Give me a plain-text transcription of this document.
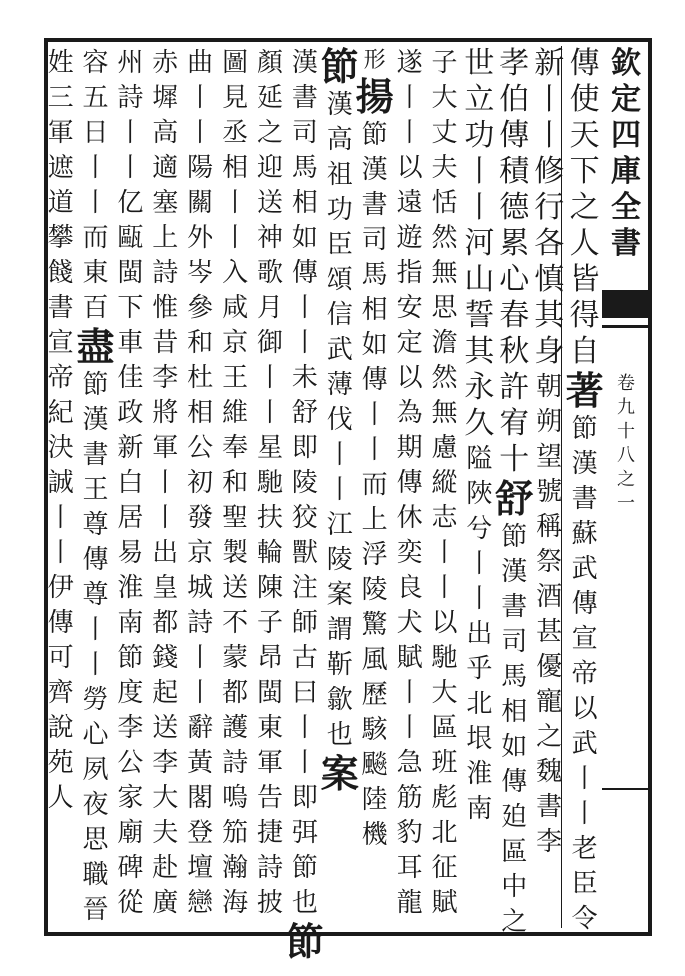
欽
定
四
庫
全
書
卷
九
十
八
之
一
傳
使
天
下
之
人
皆
得
自
著
節
漢
書
蘇
武
傳
宣
帝
以
武
丨
丨
老
臣
令
新
丨
丨
修
行
各
慎
其
身
朝
朔
望
號
稱
祭
酒
甚
優
寵
之
魏
書
李
孝
伯
傳
積
德
累
心
春
秋
許
宥
十
舒
節
漢
書
司
馬
相
如
傳
廹
區
中
之
世
立
功
丨
丨
河
山
誓
其
永
久
隘
陜
兮
丨
丨
出
乎
北
垠
淮
南
子
大
丈
夫
恬
然
無
思
澹
然
無
慮
縱
志
丨
丨
以
馳
大
區
班
彪
北
征
賦
遂
丨
丨
以
遠
遊
指
安
定
以
為
期
傳
休
奕
良
犬
賦
丨
丨
急
筋
豹
耳
龍
形
揚
節
漢
書
司
馬
相
如
傳
丨
丨
而
上
浮
陵
驚
風
歷
駭
飈
陸
機
節
漢
高
祖
功
臣
頌
信
武
薄
伐
丨
丨
江
陵
案
謂
靳
歙
也
案
漢
書
司
馬
相
如
傳
丨
丨
未
舒
即
陵
狡
獸
注
師
古
曰
丨
丨
即
弭
節
也
節
顏
延
之
迎
送
神
歌
月
御
丨
丨
星
馳
扶
輪
陳
子
昂
閩
東
軍
告
捷
詩
披
圖
見
丞
相
丨
丨
入
咸
京
王
維
奉
和
聖
製
送
不
蒙
都
護
詩
嗚
笳
瀚
海
曲
丨
丨
陽
關
外
岑
參
和
杜
相
公
初
發
京
城
詩
丨
丨
辭
黃
閣
登
壇
戀
赤
墀
高
適
塞
上
詩
惟
昔
李
將
軍
丨
丨
出
皇
都
錢
起
送
李
大
夫
赴
廣
州
詩
丨
丨
亿
甌
閩
下
車
佳
政
新
白
居
易
淮
南
節
度
李
公
家
廟
碑
從
容
五
日
丨
丨
而
東
百
盡
節
漢
書
王
尊
傳
尊
丨
丨
勞
心
夙
夜
思
職
晉
姓
三
軍
遮
道
攀
餞
書
宣
帝
紀
決
誠
丨
丨
伊
傳
可
齊
說
苑
人
